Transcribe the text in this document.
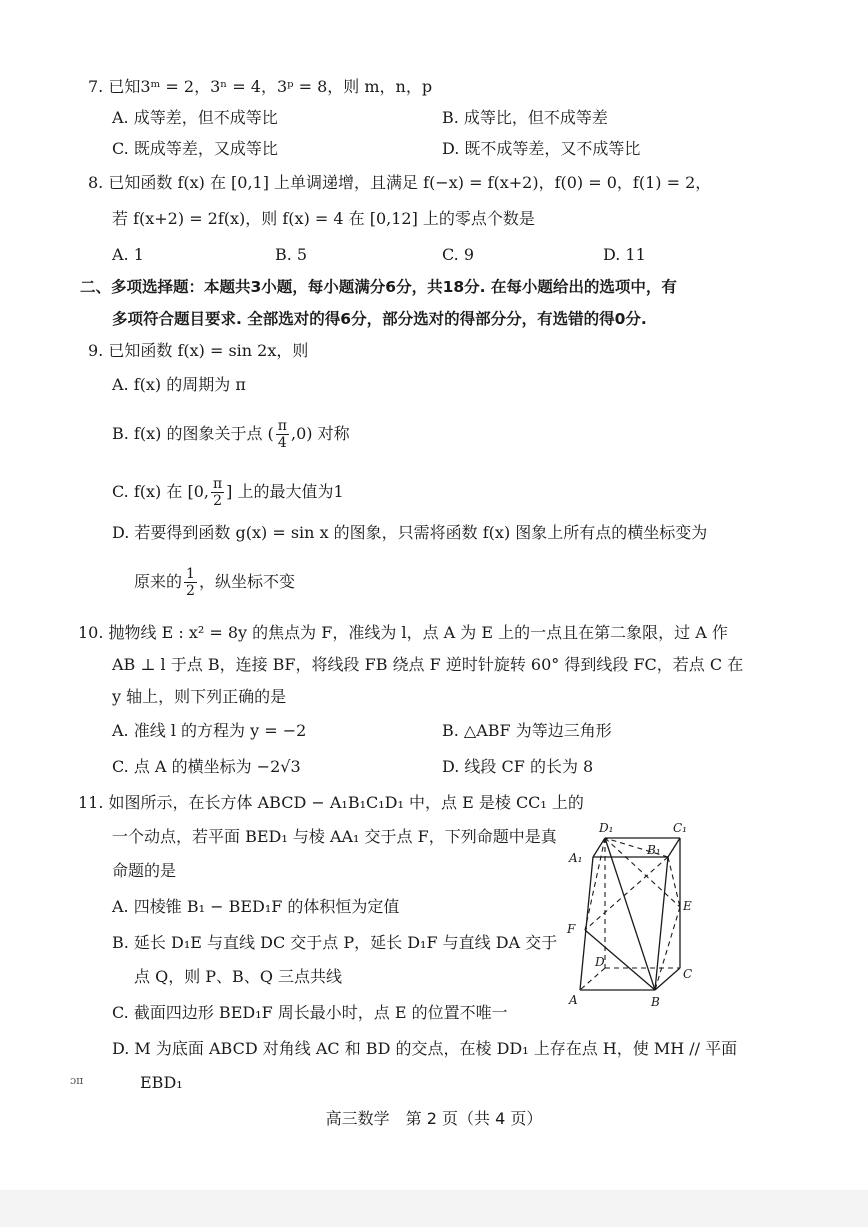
7. 已知3ᵐ = 2，3ⁿ = 4，3ᵖ = 8，则 m，n，p
A. 成等差，但不成等比	B. 成等比，但不成等差
C. 既成等差，又成等比	D. 既不成等差，又不成等比
8. 已知函数 f(x) 在 [0,1] 上单调递增，且满足 f(−x) = f(x+2)，f(0) = 0，f(1) = 2，
若 f(x+2) = 2f(x)，则 f(x) = 4 在 [0,12] 上的零点个数是
A. 1	B. 5	C. 9	D. 11
二、多项选择题：本题共3小题，每小题满分6分，共18分. 在每小题给出的选项中，有
多项符合题目要求. 全部选对的得6分，部分选对的得部分分，有选错的得0分.
9. 已知函数 f(x) = sin 2x，则
A. f(x) 的周期为 π
B. f(x) 的图象关于点 ( $\frac{\pi}{4} ,0$) 对称
C. f(x) 在 [0, $\frac{\pi}{2}$ ] 上的最大值为1
D. 若要得到函数 g(x) = sin x 的图象，只需将函数 f(x) 图象上所有点的横坐标变为
原来的 $\frac{1}{2}$ ，纵坐标不变
10. 抛物线 E : x² = 8y 的焦点为 F，准线为 l，点 A 为 E 上的一点且在第二象限，过 A 作
AB ⊥ l 于点 B，连接 BF，将线段 FB 绕点 F 逆时针旋转 60° 得到线段 FC，若点 C 在
y 轴上，则下列正确的是
A. 准线 l 的方程为 y = −2	B. △ABF 为等边三角形
C. 点 A 的横坐标为 −2√3	D. 线段 CF 的长为 8
11. 如图所示，在长方体 ABCD − A₁B₁C₁D₁ 中，点 E 是棱 CC₁ 上的
一个动点，若平面 BED₁ 与棱 AA₁ 交于点 F，下列命题中是真
命题的是
A. 四棱锥 B₁ − BED₁F 的体积恒为定值
B. 延长 D₁E 与直线 DC 交于点 P，延长 D₁F 与直线 DA 交于
点 Q，则 P、B、Q 三点共线
C. 截面四边形 BED₁F 周长最小时，点 E 的位置不唯一
D. M 为底面 ABCD 对角线 AC 和 BD 的交点，在棱 DD₁ 上存在点 H，使 MH // 平面
EBD₁
D₁	C₁
A₁
B₁
E
F
D
C
A	B
ɔɪɪ
高三数学　第 2 页（共 4 页）
